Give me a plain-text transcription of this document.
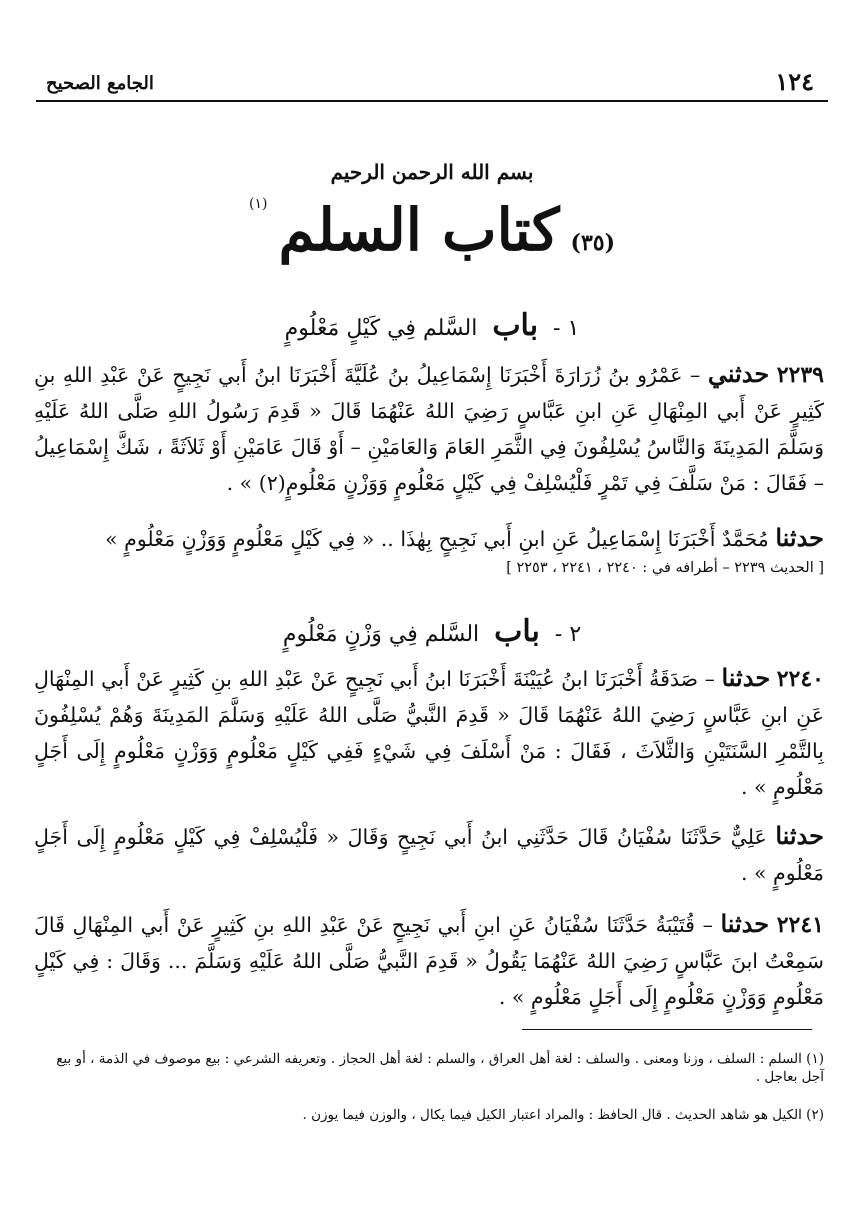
الجامع الصحيح	١٢٤
بسم الله الرحمن الرحيم
(٣٥) كتاب السلم (١)
١ - باب السَّلم فِي كَيْلٍ مَعْلُومٍ
٢٢٣٩ حدثني – عَمْرُو بنُ زُرَارَةَ أَخْبَرَنَا إِسْمَاعِيلُ بنُ عُلَيَّةَ أَخْبَرَنَا ابنُ أَبي نَجِيحٍ عَنْ عَبْدِ اللهِ بنِ كَثِيرٍ عَنْ أَبي المِنْهَالِ عَنِ ابنِ عَبَّاسٍ رَضِيَ اللهُ عَنْهُمَا قَالَ « قَدِمَ رَسُولُ اللهِ صَلَّى اللهُ عَلَيْهِ وَسَلَّمَ المَدِينَةَ وَالنَّاسُ يُسْلِفُونَ فِي الثَّمَرِ العَامَ وَالعَامَيْنِ – أَوْ قَالَ عَامَيْنِ أَوْ ثَلاَثَةً ، شَكَّ إِسْمَاعِيلُ – فَقَالَ : مَنْ سَلَّفَ فِي تَمْرٍ فَلْيُسْلِفْ فِي كَيْلٍ مَعْلُومٍ وَوَزْنٍ مَعْلُومٍ(٢) » .
حدثنا مُحَمَّدٌ أَخْبَرَنَا إِسْمَاعِيلُ عَنِ ابنِ أَبي نَجِيحٍ بِهٰذَا .. « فِي كَيْلٍ مَعْلُومٍ وَوَزْنٍ مَعْلُومٍ »
[ الحديث ٢٢٣٩ – أطرافه في : ٢٢٤٠ ، ٢٢٤١ ، ٢٢٥٣ ]
٢ - باب السَّلم فِي وَزْنٍ مَعْلُومٍ
٢٢٤٠ حدثنا – صَدَقَةُ أَخْبَرَنَا ابنُ عُيَيْنَةَ أَخْبَرَنَا ابنُ أَبي نَجِيحٍ عَنْ عَبْدِ اللهِ بنِ كَثِيرٍ عَنْ أَبي المِنْهَالِ عَنِ ابنِ عَبَّاسٍ رَضِيَ اللهُ عَنْهُمَا قَالَ « قَدِمَ النَّبيُّ صَلَّى اللهُ عَلَيْهِ وَسَلَّمَ المَدِينَةَ وَهُمْ يُسْلِفُونَ بِالتَّمْرِ السَّنَتَيْنِ وَالثَّلاَثَ ، فَقَالَ : مَنْ أَسْلَفَ فِي شَيْءٍ فَفِي كَيْلٍ مَعْلُومٍ وَوَزْنٍ مَعْلُومٍ إِلَى أَجَلٍ مَعْلُومٍ » .
حدثنا عَلِيٌّ حَدَّثَنَا سُفْيَانُ قَالَ حَدَّثَنِي ابنُ أَبي نَجِيحٍ وَقَالَ « فَلْيُسْلِفْ فِي كَيْلٍ مَعْلُومٍ إِلَى أَجَلٍ مَعْلُومٍ » .
٢٢٤١ حدثنا – قُتَيْبَةُ حَدَّثَنَا سُفْيَانُ عَنِ ابنِ أَبي نَجِيحٍ عَنْ عَبْدِ اللهِ بنِ كَثِيرٍ عَنْ أَبي المِنْهَالِ قَالَ سَمِعْتُ ابنَ عَبَّاسٍ رَضِيَ اللهُ عَنْهُمَا يَقُولُ « قَدِمَ النَّبيُّ صَلَّى اللهُ عَلَيْهِ وَسَلَّمَ ... وَقَالَ : فِي كَيْلٍ مَعْلُومٍ وَوَزْنٍ مَعْلُومٍ إِلَى أَجَلٍ مَعْلُومٍ » .
(١) السلم : السلف ، وزنا ومعنى . والسلف : لغة أهل العراق ، والسلم : لغة أهل الحجاز . وتعريفه الشرعي : بيع موصوف في الذمة ، أو بيع آجل بعاجل .
(٢) الكيل هو شاهد الحديث . قال الحافظ : والمراد اعتبار الكيل فيما يكال ، والوزن فيما يوزن .
